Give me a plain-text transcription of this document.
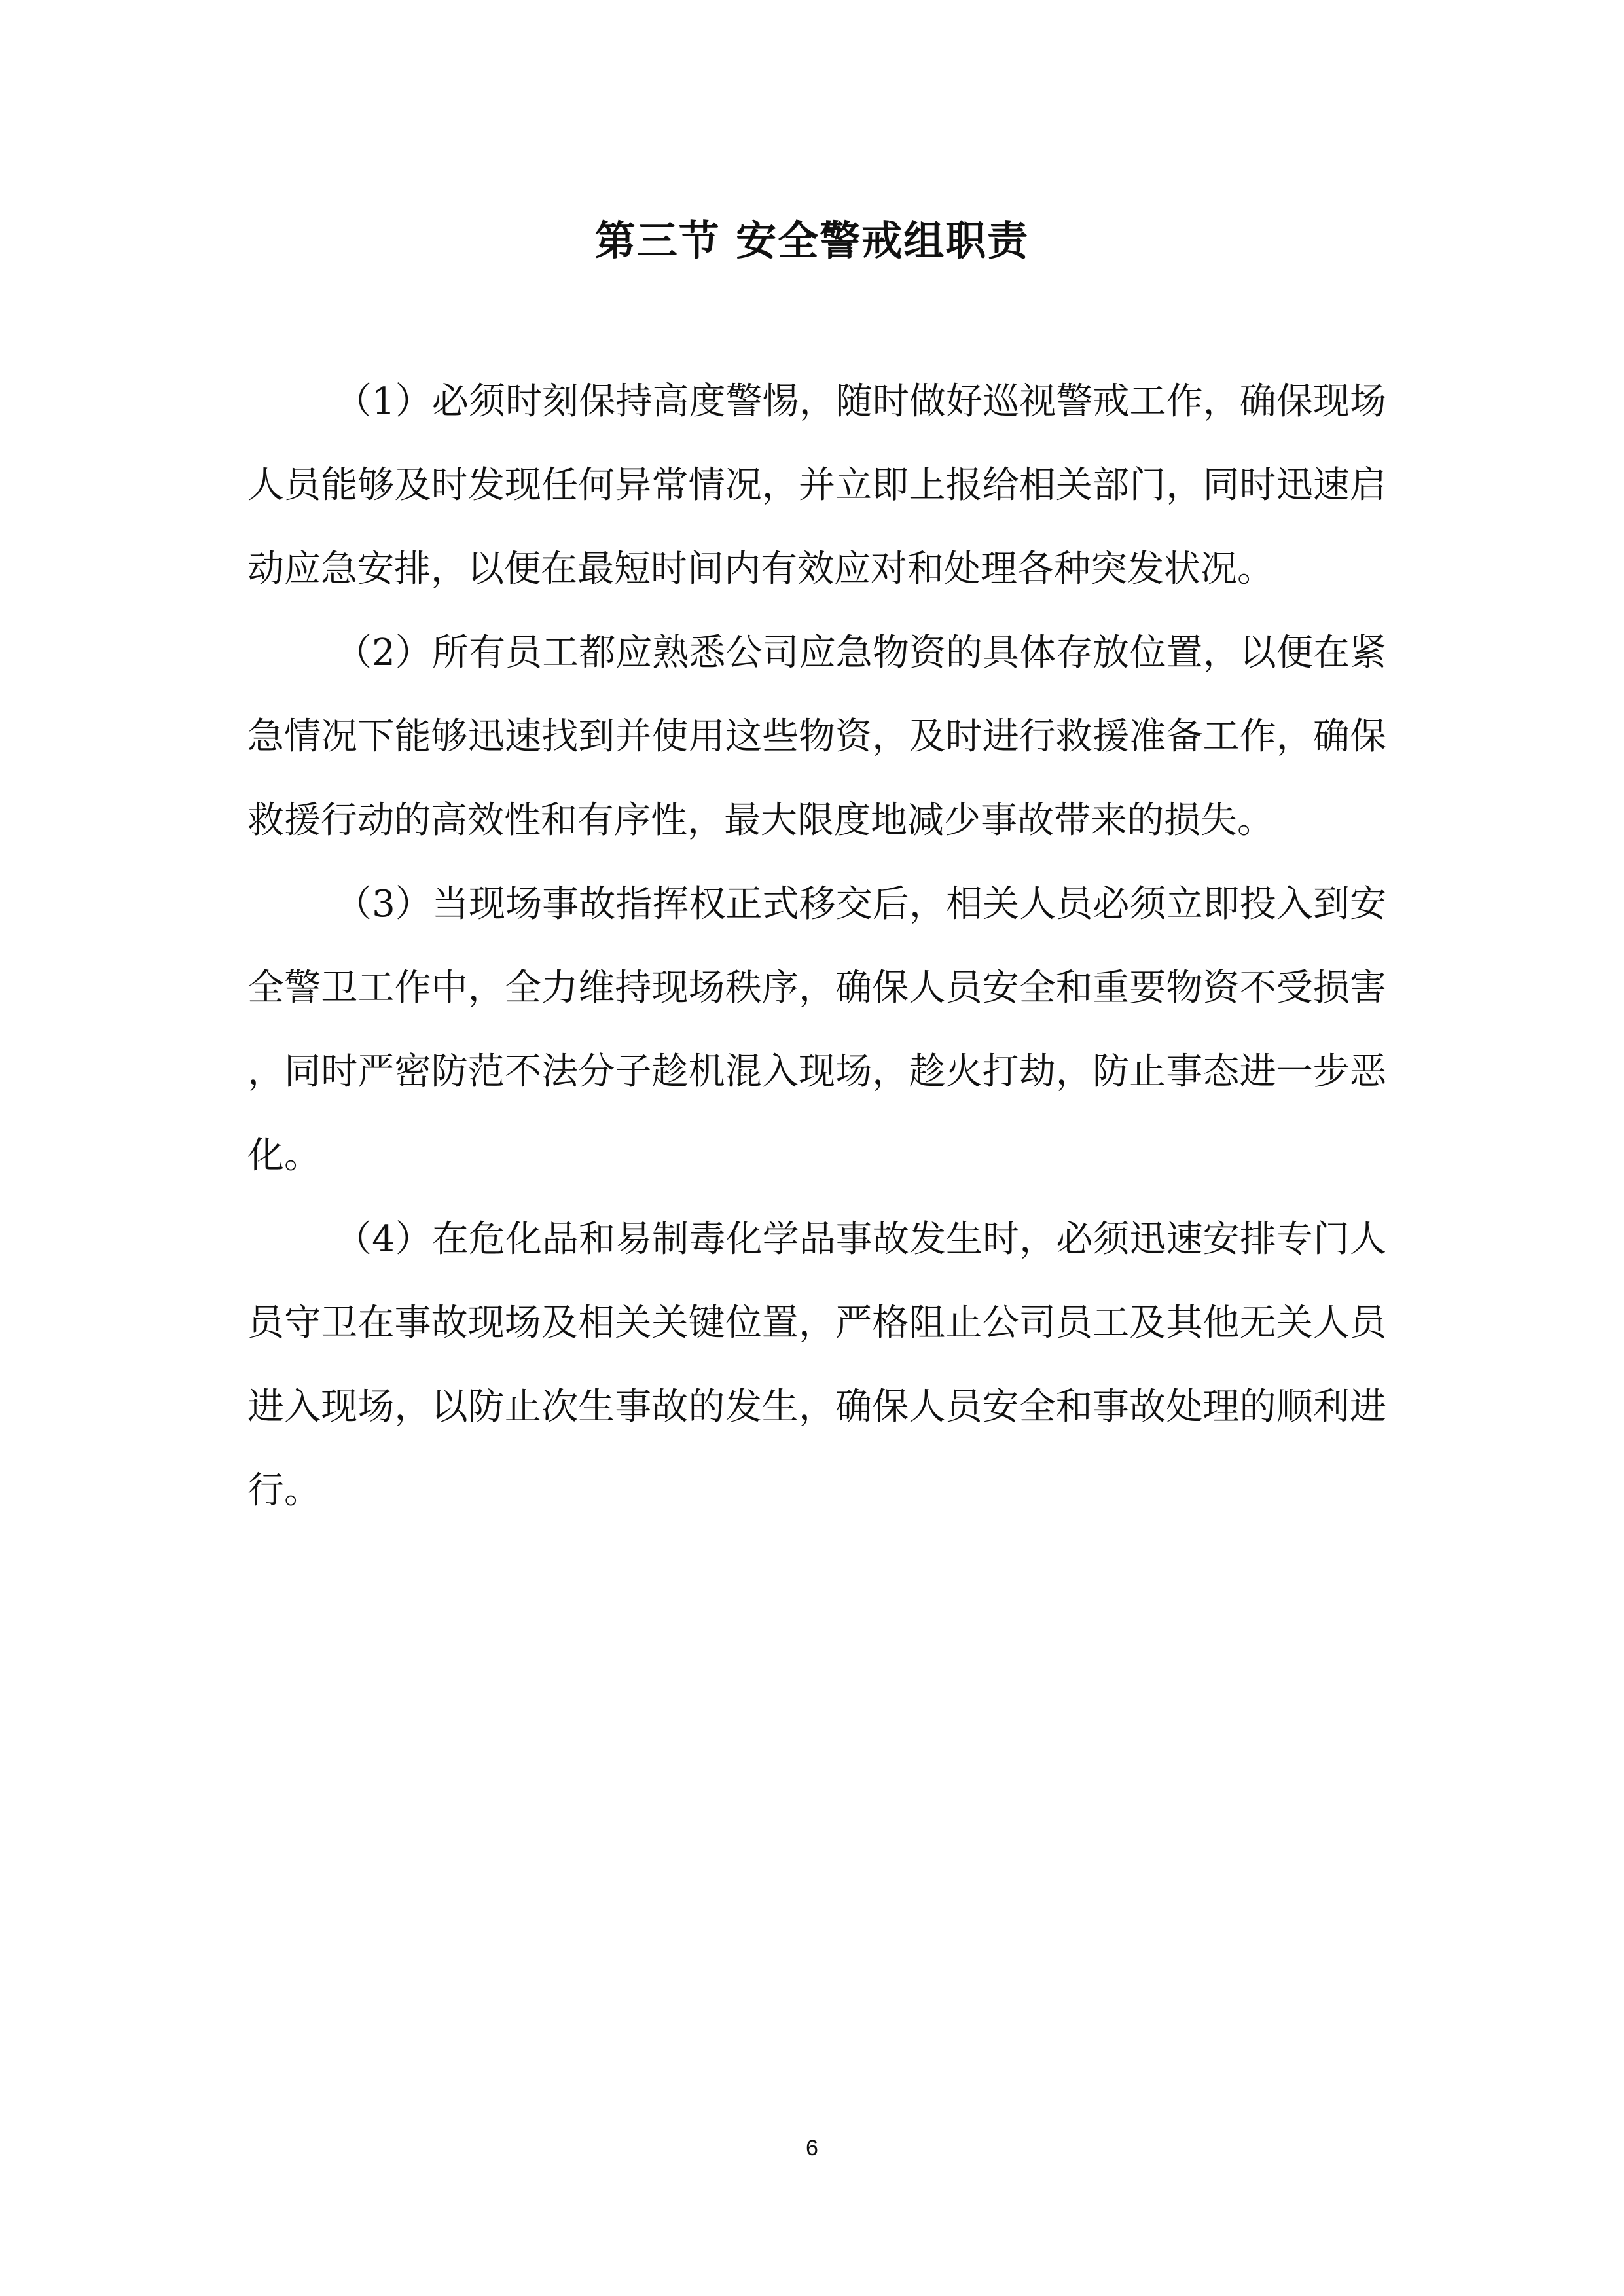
第三节 安全警戒组职责

（1）必须时刻保持高度警惕，随时做好巡视警戒工作，确保现场人员能够及时发现任何异常情况，并立即上报给相关部门，同时迅速启动应急安排，以便在最短时间内有效应对和处理各种突发状况。

（2）所有员工都应熟悉公司应急物资的具体存放位置，以便在紧急情况下能够迅速找到并使用这些物资，及时进行救援准备工作，确保救援行动的高效性和有序性，最大限度地减少事故带来的损失。

（3）当现场事故指挥权正式移交后，相关人员必须立即投入到安全警卫工作中，全力维持现场秩序，确保人员安全和重要物资不受损害，同时严密防范不法分子趁机混入现场，趁火打劫，防止事态进一步恶化。

（4）在危化品和易制毒化学品事故发生时，必须迅速安排专门人员守卫在事故现场及相关关键位置，严格阻止公司员工及其他无关人员进入现场，以防止次生事故的发生，确保人员安全和事故处理的顺利进行。

6
